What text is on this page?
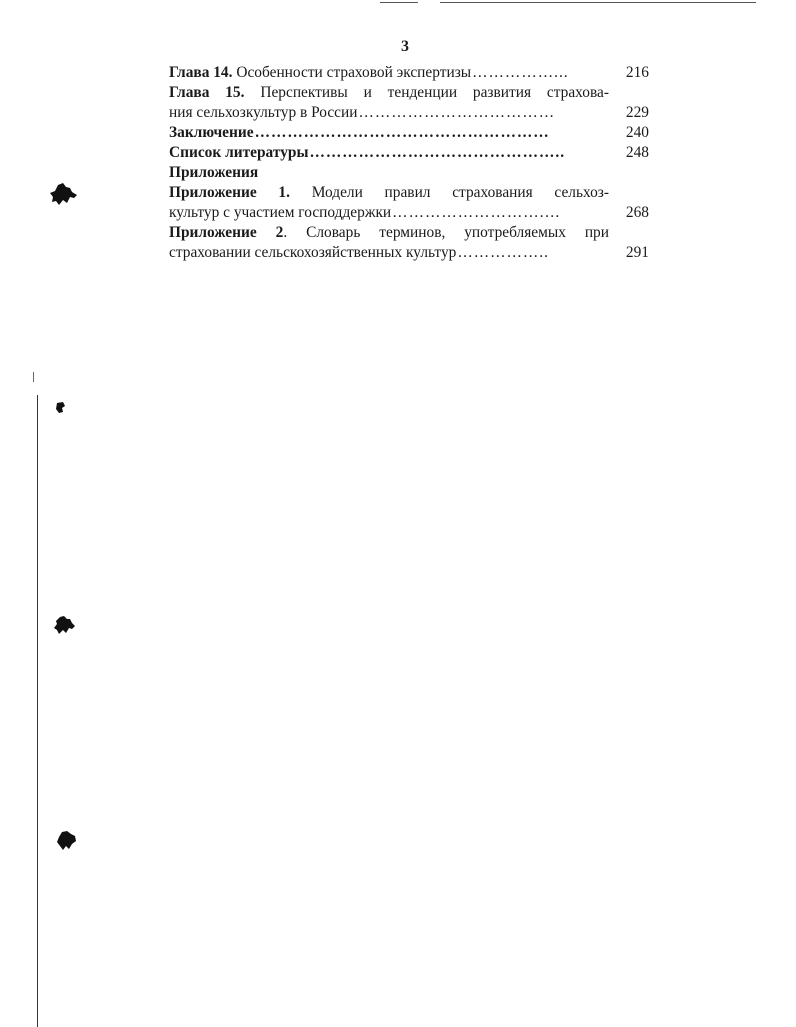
3
Глава 14. Особенности страховой экспертизы ……………...	216
Глава 15. Перспективы и тенденции развития страхова-
ния сельхозкультур в России ………………………………	229
Заключение ………………………………………………	240
Список литературы ………………………………………..	248
Приложения
Приложение 1. Модели правил страхования сельхоз-
культур с участием господдержки ……………………….…	268
Приложение 2. Словарь терминов, употребляемых при
страховании сельскохозяйственных культур ……………..	291
